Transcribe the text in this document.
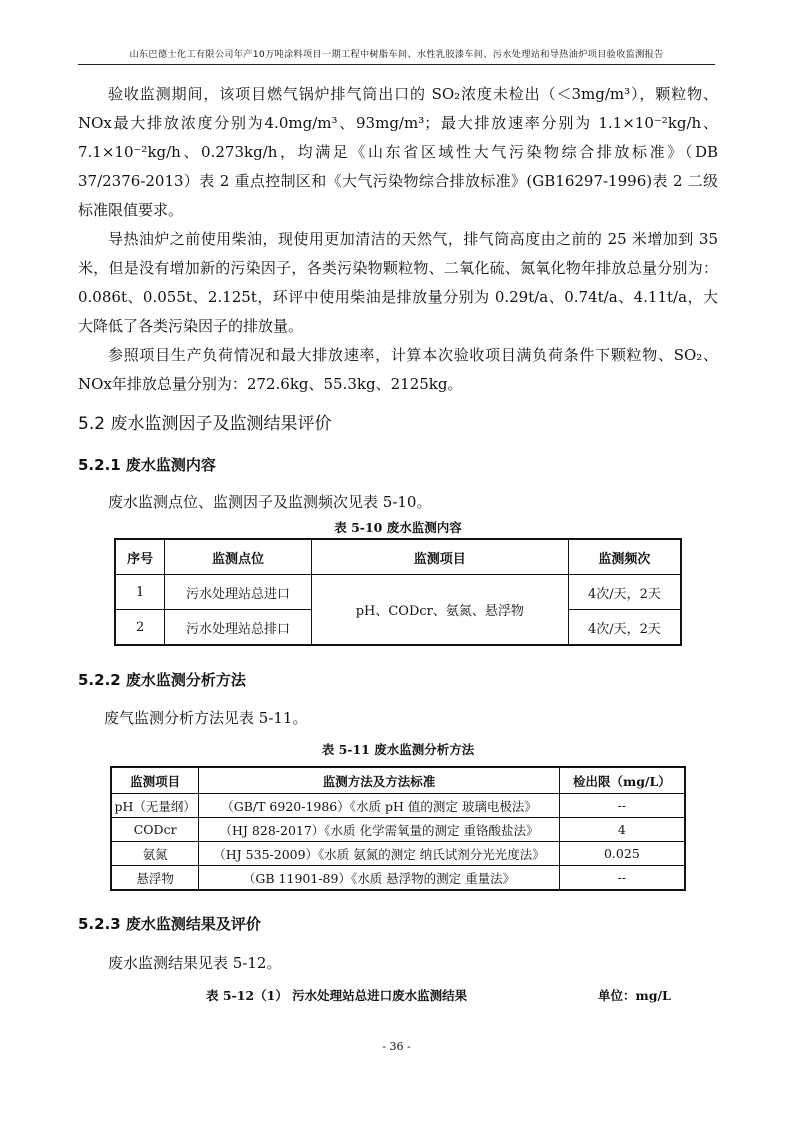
山东巴德士化工有限公司年产10万吨涂料项目一期工程中树脂车间、水性乳胶漆车间、污水处理站和导热油炉项目验收监测报告

验收监测期间，该项目燃气锅炉排气筒出口的 SO₂浓度未检出（＜3mg/m³），颗粒物、NOx最大排放浓度分别为4.0mg/m³、93mg/m³；最大排放速率分别为 1.1×10⁻²kg/h、7.1×10⁻²kg/h、0.273kg/h，均满足《山东省区域性大气污染物综合排放标准》（DB 37/2376-2013）表 2 重点控制区和《大气污染物综合排放标准》(GB16297-1996)表 2 二级标准限值要求。

导热油炉之前使用柴油，现使用更加清洁的天然气，排气筒高度由之前的 25 米增加到 35 米，但是没有增加新的污染因子，各类污染物颗粒物、二氧化硫、氮氧化物年排放总量分别为：0.086t、0.055t、2.125t，环评中使用柴油是排放量分别为 0.29t/a、0.74t/a、4.11t/a，大大降低了各类污染因子的排放量。

参照项目生产负荷情况和最大排放速率，计算本次验收项目满负荷条件下颗粒物、SO₂、NOx年排放总量分别为：272.6kg、55.3kg、2125kg。

5.2 废水监测因子及监测结果评价
5.2.1 废水监测内容
废水监测点位、监测因子及监测频次见表 5-10。
表 5-10 废水监测内容
序号	监测点位	监测项目	监测频次
1	污水处理站总进口	pH、CODcr、氨氮、悬浮物	4次/天，2天
2	污水处理站总排口		4次/天，2天
5.2.2 废水监测分析方法
废气监测分析方法见表 5-11。
表 5-11 废水监测分析方法
监测项目	监测方法及方法标准	检出限（mg/L）
pH（无量纲）	（GB/T 6920-1986）《水质 pH 值的测定 玻璃电极法》	--
CODcr	（HJ 828-2017）《水质 化学需氧量的测定 重铬酸盐法》	4
氨氮	（HJ 535-2009）《水质 氨氮的测定 纳氏试剂分光光度法》	0.025
悬浮物	（GB 11901-89）《水质 悬浮物的测定 重量法》	--
5.2.3 废水监测结果及评价
废水监测结果见表 5-12。
表 5-12（1） 污水处理站总进口废水监测结果	单位：mg/L
- 36 -
